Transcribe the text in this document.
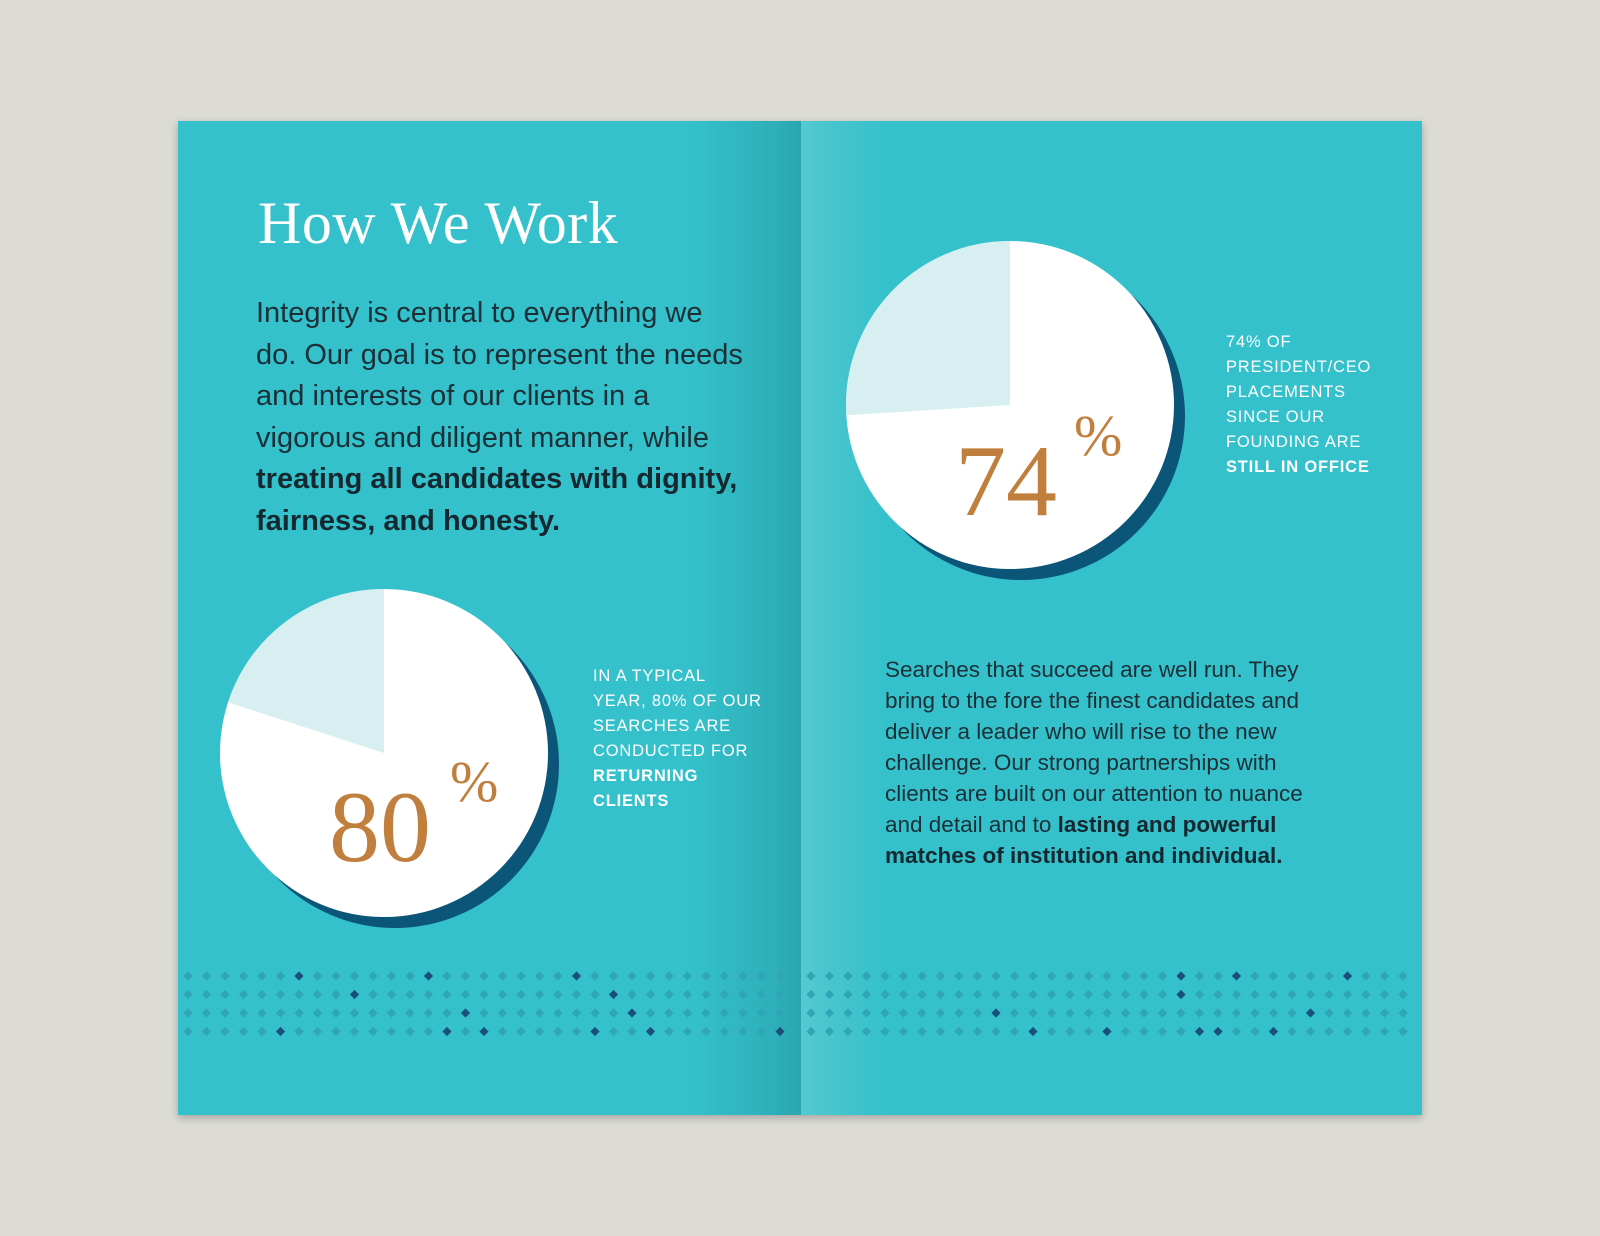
How We Work

Integrity is central to everything we do. Our goal is to represent the needs and interests of our clients in a vigorous and diligent manner, while treating all candidates with dignity, fairness, and honesty.

80 %

IN A TYPICAL YEAR, 80% OF OUR SEARCHES ARE CONDUCTED FOR RETURNING CLIENTS

74 %

74% OF PRESIDENT/CEO PLACEMENTS SINCE OUR FOUNDING ARE STILL IN OFFICE

Searches that succeed are well run. They bring to the fore the finest candidates and deliver a leader who will rise to the new challenge. Our strong partnerships with clients are built on our attention to nuance and detail and to lasting and powerful matches of institution and individual.
